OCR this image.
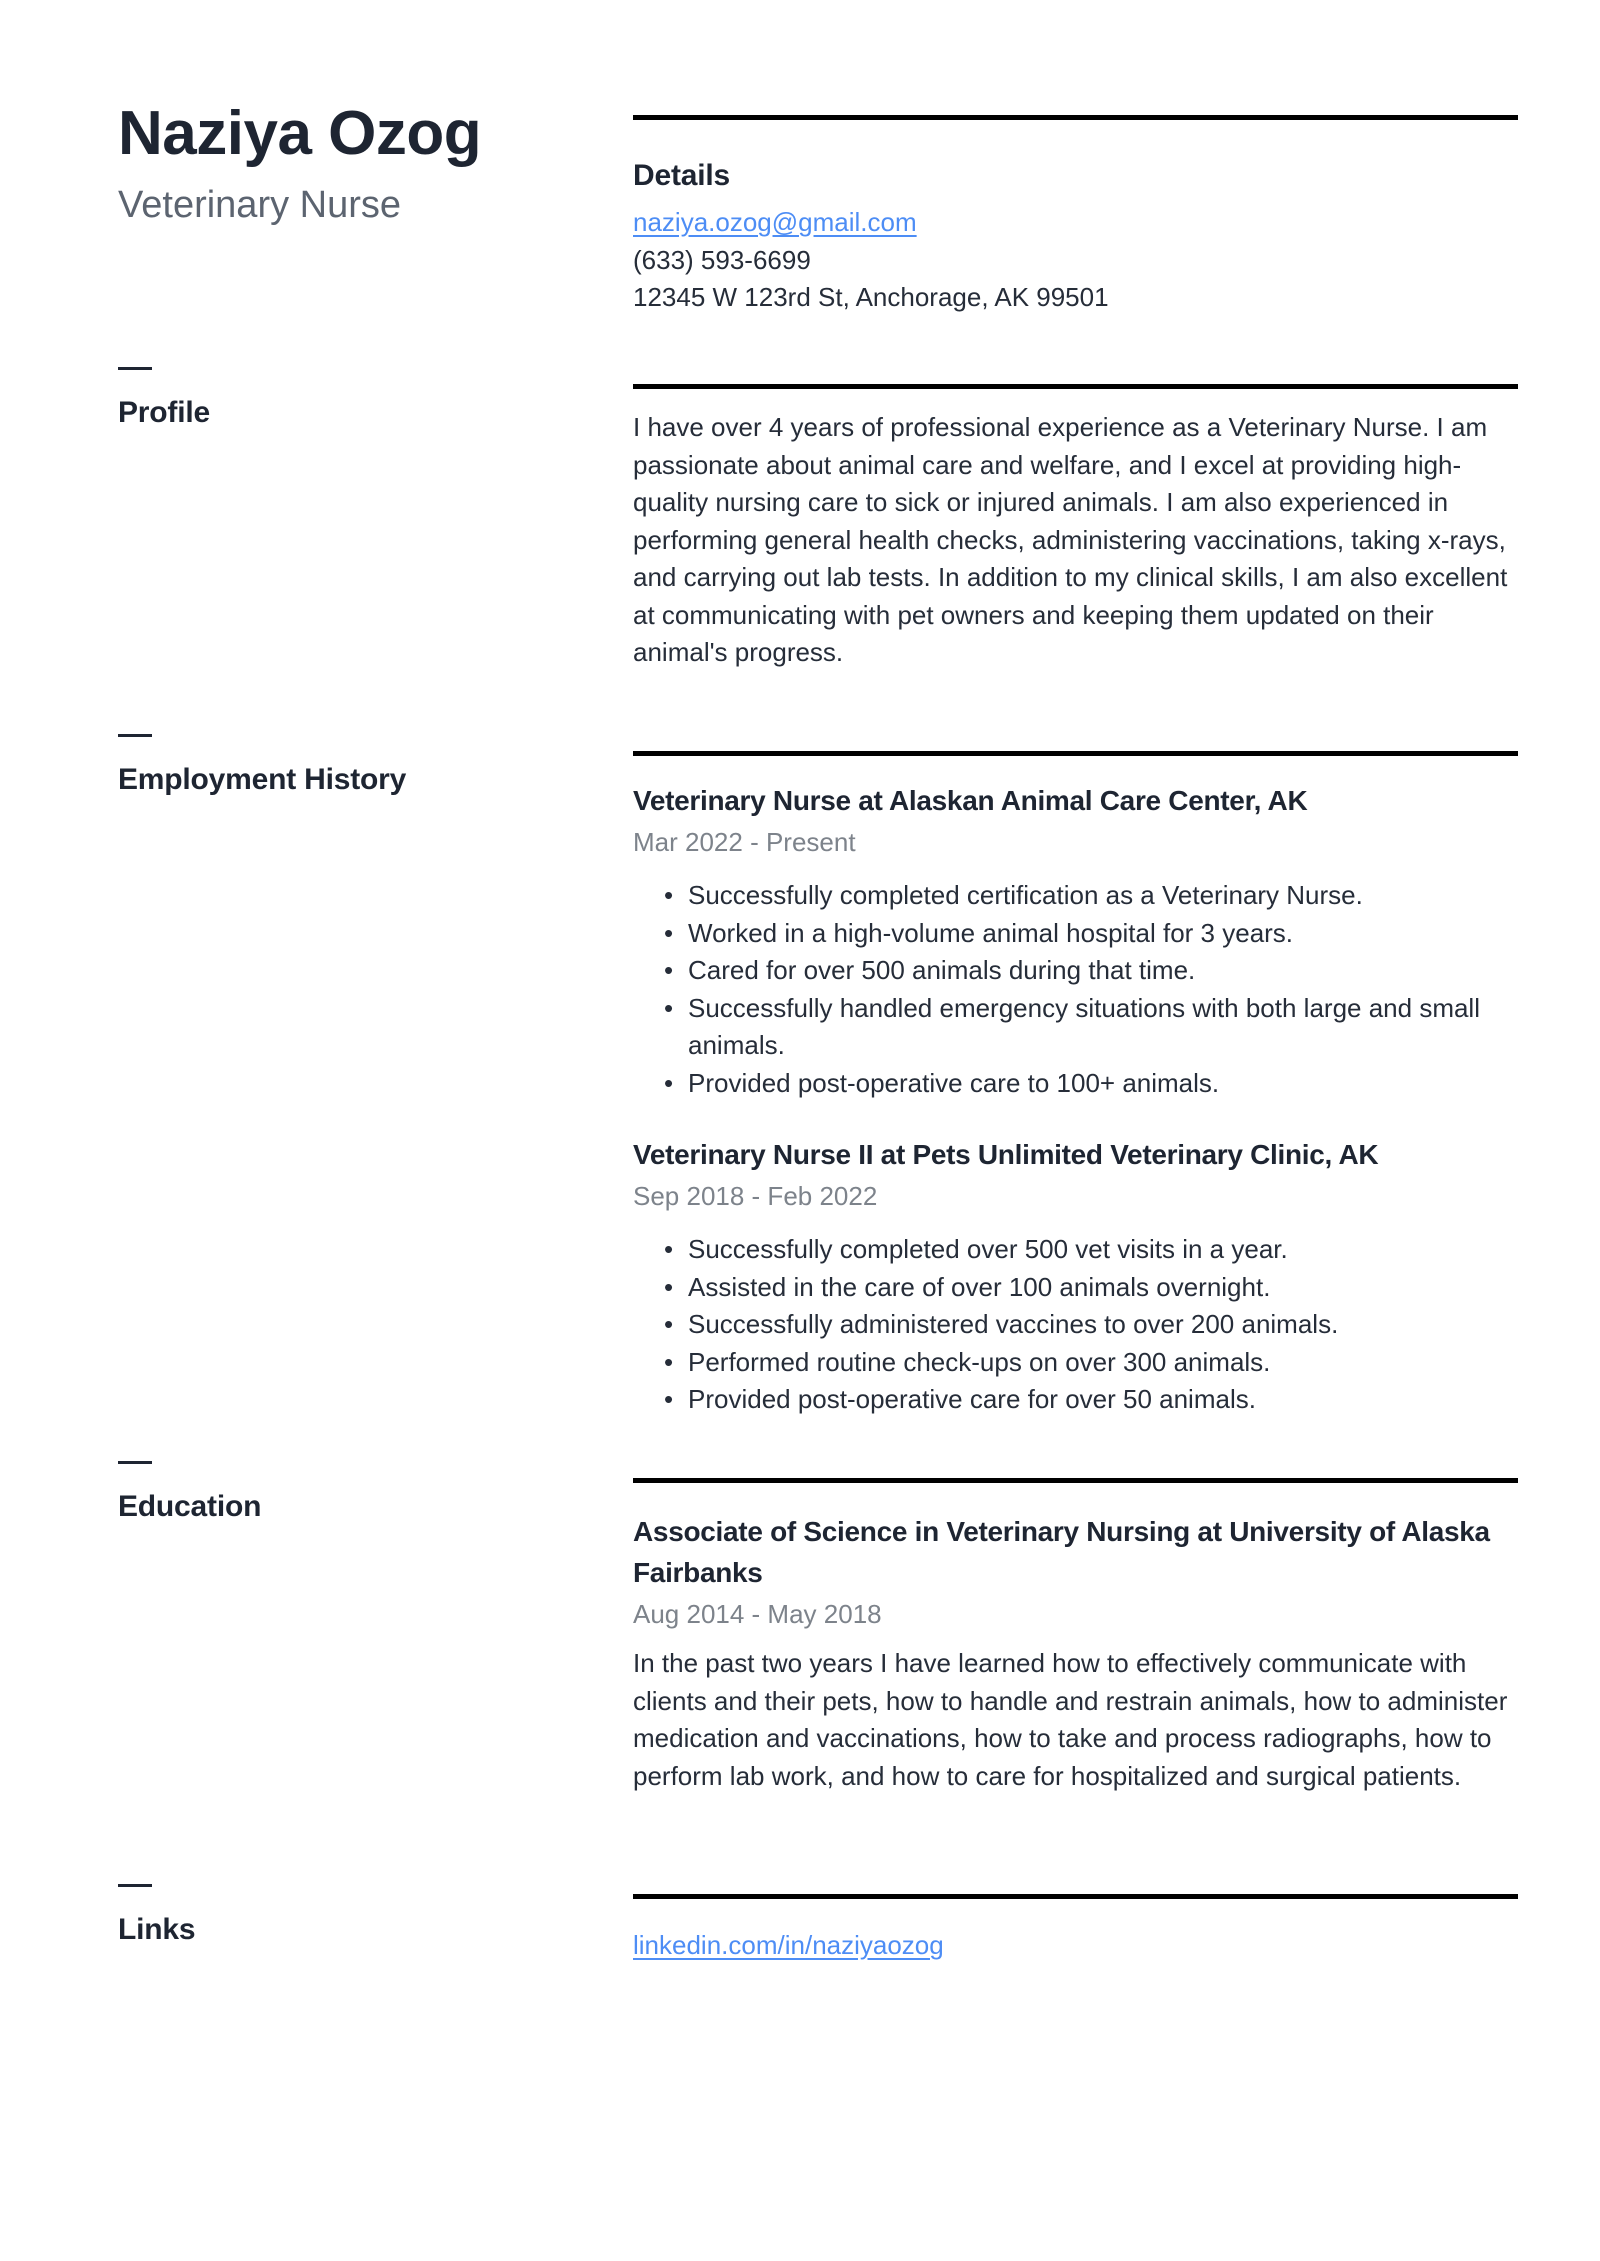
Naziya Ozog
Veterinary Nurse
Details
naziya.ozog@gmail.com
(633) 593-6699
12345 W 123rd St, Anchorage, AK 99501
Profile	I have over 4 years of professional experience as a Veterinary Nurse. I am passionate about animal care and welfare, and I excel at providing high-quality nursing care to sick or injured animals. I am also experienced in performing general health checks, administering vaccinations, taking x-rays, and carrying out lab tests. In addition to my clinical skills, I am also excellent at communicating with pet owners and keeping them updated on their animal's progress.

Employment History
Veterinary Nurse at Alaskan Animal Care Center, AK
Mar 2022 - Present
• Successfully completed certification as a Veterinary Nurse.
• Worked in a high-volume animal hospital for 3 years.
• Cared for over 500 animals during that time.
• Successfully handled emergency situations with both large and small animals.
• Provided post-operative care to 100+ animals.
Veterinary Nurse II at Pets Unlimited Veterinary Clinic, AK
Sep 2018 - Feb 2022
• Successfully completed over 500 vet visits in a year.
• Assisted in the care of over 100 animals overnight.
• Successfully administered vaccines to over 200 animals.
• Performed routine check-ups on over 300 animals.
• Provided post-operative care for over 50 animals.
Education
Associate of Science in Veterinary Nursing at University of Alaska Fairbanks
Aug 2014 - May 2018

In the past two years I have learned how to effectively communicate with clients and their pets, how to handle and restrain animals, how to administer medication and vaccinations, how to take and process radiographs, how to perform lab work, and how to care for hospitalized and surgical patients.

Links	linkedin.com/in/naziyaozog
